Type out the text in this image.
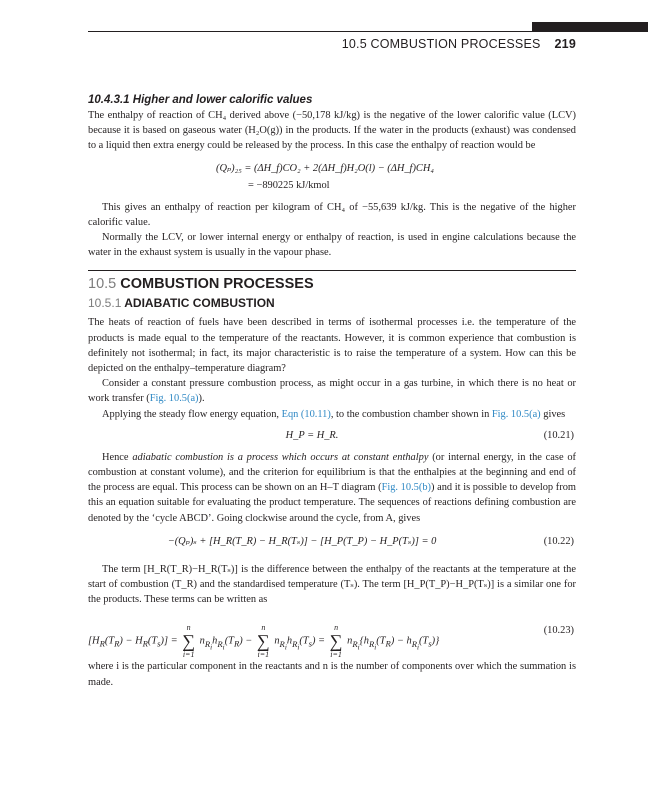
10.5 COMBUSTION PROCESSES 219
10.4.3.1 Higher and lower calorific values

The enthalpy of reaction of CH₄ derived above (−50,178 kJ/kg) is the negative of the lower calorific value (LCV) because it is based on gaseous water (H₂O(g)) in the products. If the water in the products (exhaust) was condensed to a liquid then extra energy could be released by the process. In this case the enthalpy of reaction would be

(Qₚ)₂₅ = (ΔH_f)CO₂ + 2(ΔH_f)H₂O(l) − (ΔH_f)CH₄
= −890225 kJ/kmol

This gives an enthalpy of reaction per kilogram of CH₄ of −55,639 kJ/kg. This is the negative of the higher calorific value.

Normally the LCV, or lower internal energy or enthalpy of reaction, is used in engine calculations because the water in the exhaust system is usually in the vapour phase.

10.5 COMBUSTION PROCESSES
10.5.1 ADIABATIC COMBUSTION

The heats of reaction of fuels have been described in terms of isothermal processes i.e. the temperature of the products is made equal to the temperature of the reactants. However, it is common experience that combustion is definitely not isothermal; in fact, its major characteristic is to raise the temperature of a system. How can this be depicted on the enthalpy–temperature diagram?

Consider a constant pressure combustion process, as might occur in a gas turbine, in which there is no heat or work transfer (Fig. 10.5(a)).

Applying the steady flow energy equation, Eqn (10.11), to the combustion chamber shown in Fig. 10.5(a) gives

H_P = H_R.	(10.21)

Hence adiabatic combustion is a process which occurs at constant enthalpy (or internal energy, in the case of combustion at constant volume), and the criterion for equilibrium is that the enthalpies at the beginning and end of the process are equal. This process can be shown on an H–T diagram (Fig. 10.5(b)) and it is possible to develop from this an equation suitable for evaluating the product temperature. The sequences of reactions defining combustion are denoted by the ‘cycle ABCD’. Going clockwise around the cycle, from A, gives

−(Qₚ)ₛ + [H_R(T_R) − H_R(Tₛ)] − [H_P(T_P) − H_P(Tₛ)] = 0	(10.22)

The term [H_R(T_R)−H_R(Tₛ)] is the difference between the enthalpy of the reactants at the temperature at the start of combustion (T_R) and the standardised temperature (Tₛ). The term [H_P(T_P)−H_P(Tₛ)] is a similar one for the products. These terms can be written as

$[H_R(T_R) - H_R(T_s)] = n$
∑
i=1 $n_{R_i}h_{R_i}(T_R) - n$
∑
i=1 $n_{R_i}h_{R_i}(T_s) = n$
∑
i=1 $n_{R_i}\{h_{R_i}(T_R) - h_{R_i}(T_s)\}$
(10.23)

where i is the particular component in the reactants and n is the number of components over which the summation is made.
